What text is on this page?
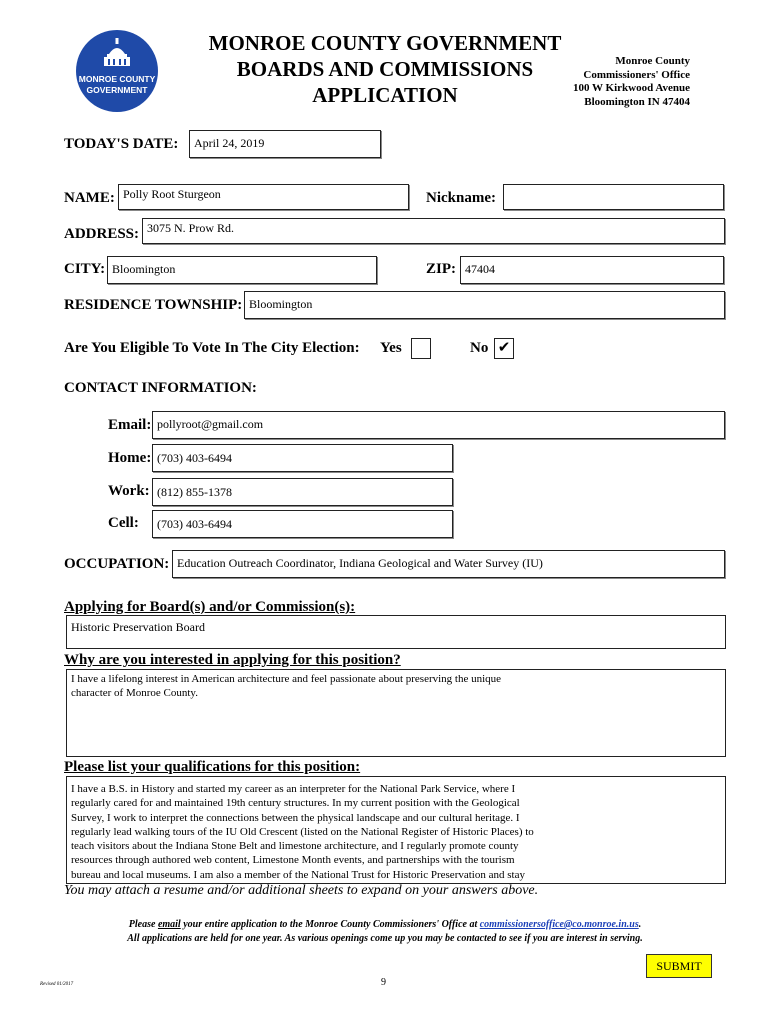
MONROE COUNTY
GOVERNMENT
MONROE COUNTY GOVERNMENT
BOARDS AND COMMISSIONS
APPLICATION
Monroe County
Commissioners' Office
100 W Kirkwood Avenue
Bloomington IN 47404
TODAY'S DATE:	April 24, 2019
NAME: Polly Root Sturgeon	Nickname:
ADDRESS: 3075 N. Prow Rd.
CITY: Bloomington	ZIP: 47404
RESIDENCE TOWNSHIP: Bloomington
Are You Eligible To Vote In The City Election: Yes	No ✔
CONTACT INFORMATION:
Email: pollyroot@gmail.com
Home: (703) 403-6494
Work: (812) 855-1378
Cell:	(703) 403-6494
OCCUPATION: Education Outreach Coordinator, Indiana Geological and Water Survey (IU)
Applying for Board(s) and/or Commission(s):
Historic Preservation Board
Why are you interested in applying for this position?
I have a lifelong interest in American architecture and feel passionate about preserving the unique
character of Monroe County.
Please list your qualifications for this position:
I have a B.S. in History and started my career as an interpreter for the National Park Service, where I
regularly cared for and maintained 19th century structures. In my current position with the Geological
Survey, I work to interpret the connections between the physical landscape and our cultural heritage. I
regularly lead walking tours of the IU Old Crescent (listed on the National Register of Historic Places) to
teach visitors about the Indiana Stone Belt and limestone architecture, and I regularly promote county
resources through authored web content, Limestone Month events, and partnerships with the tourism
bureau and local museums. I am also a member of the National Trust for Historic Preservation and stay
You may attach a resume and/or additional sheets to expand on your answers above.
Please email your entire application to the Monroe County Commissioners' Office at commissionersoffice@co.monroe.in.us.
All applications are held for one year. As various openings come up you may be contacted to see if you are interest in serving.
SUBMIT
Revised 01/2017	9
